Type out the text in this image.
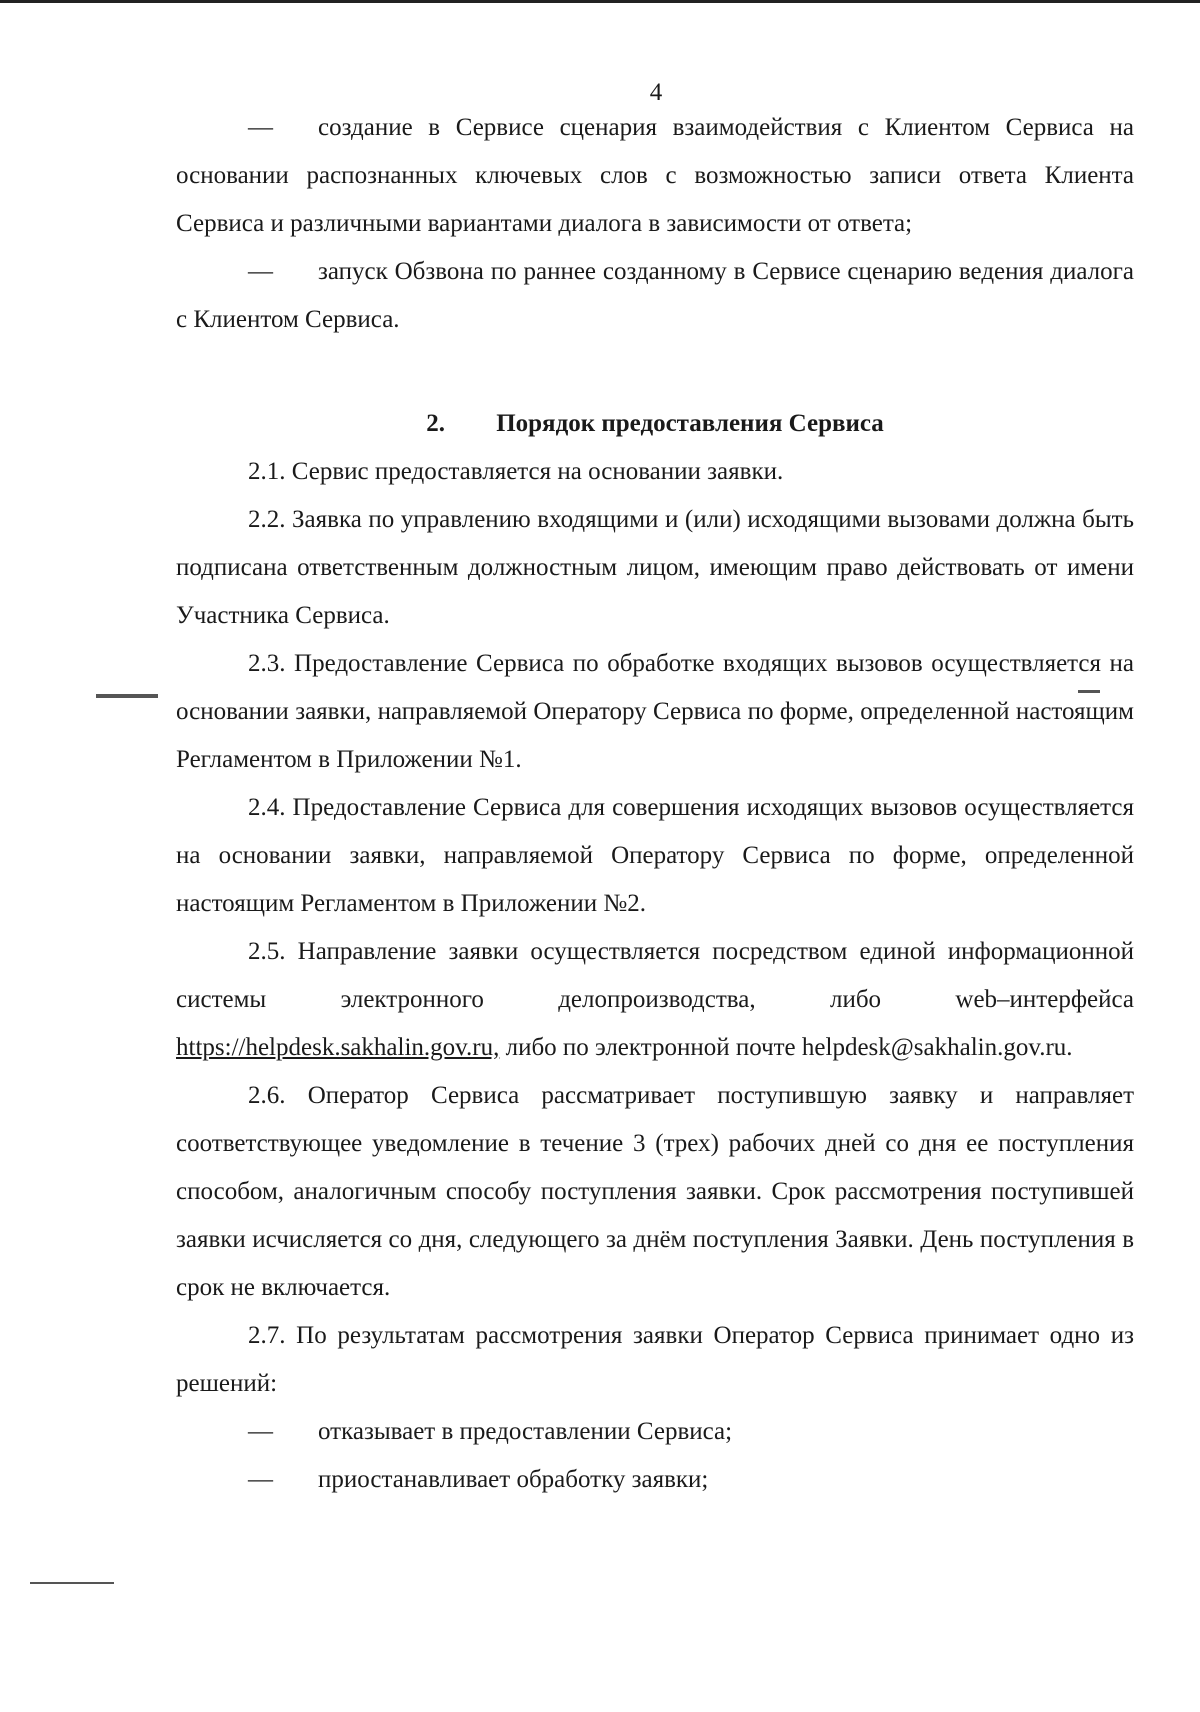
4

— создание в Сервисе сценария взаимодействия с Клиентом Сервиса на основании распознанных ключевых слов с возможностью записи ответа Клиента Сервиса и различными вариантами диалога в зависимости от ответа;

— запуск Обзвона по раннее созданному в Сервисе сценарию ведения диалога с Клиентом Сервиса.

2. Порядок предоставления Сервиса

2.1. Сервис предоставляется на основании заявки.

2.2. Заявка по управлению входящими и (или) исходящими вызовами должна быть подписана ответственным должностным лицом, имеющим право действовать от имени Участника Сервиса.

2.3. Предоставление Сервиса по обработке входящих вызовов осуществляется на основании заявки, направляемой Оператору Сервиса по форме, определенной настоящим Регламентом в Приложении №1.

2.4. Предоставление Сервиса для совершения исходящих вызовов осуществляется на основании заявки, направляемой Оператору Сервиса по форме, определенной настоящим Регламентом в Приложении №2.

2.5. Направление заявки осуществляется посредством единой информационной системы электронного делопроизводства, либо web–интерфейса https://helpdesk.sakhalin.gov.ru, либо по электронной почте helpdesk@sakhalin.gov.ru.

2.6. Оператор Сервиса рассматривает поступившую заявку и направляет соответствующее уведомление в течение 3 (трех) рабочих дней со дня ее поступления способом, аналогичным способу поступления заявки. Срок рассмотрения поступившей заявки исчисляется со дня, следующего за днём поступления Заявки. День поступления в срок не включается.

2.7. По результатам рассмотрения заявки Оператор Сервиса принимает одно из решений:

— отказывает в предоставлении Сервиса;

— приостанавливает обработку заявки;
